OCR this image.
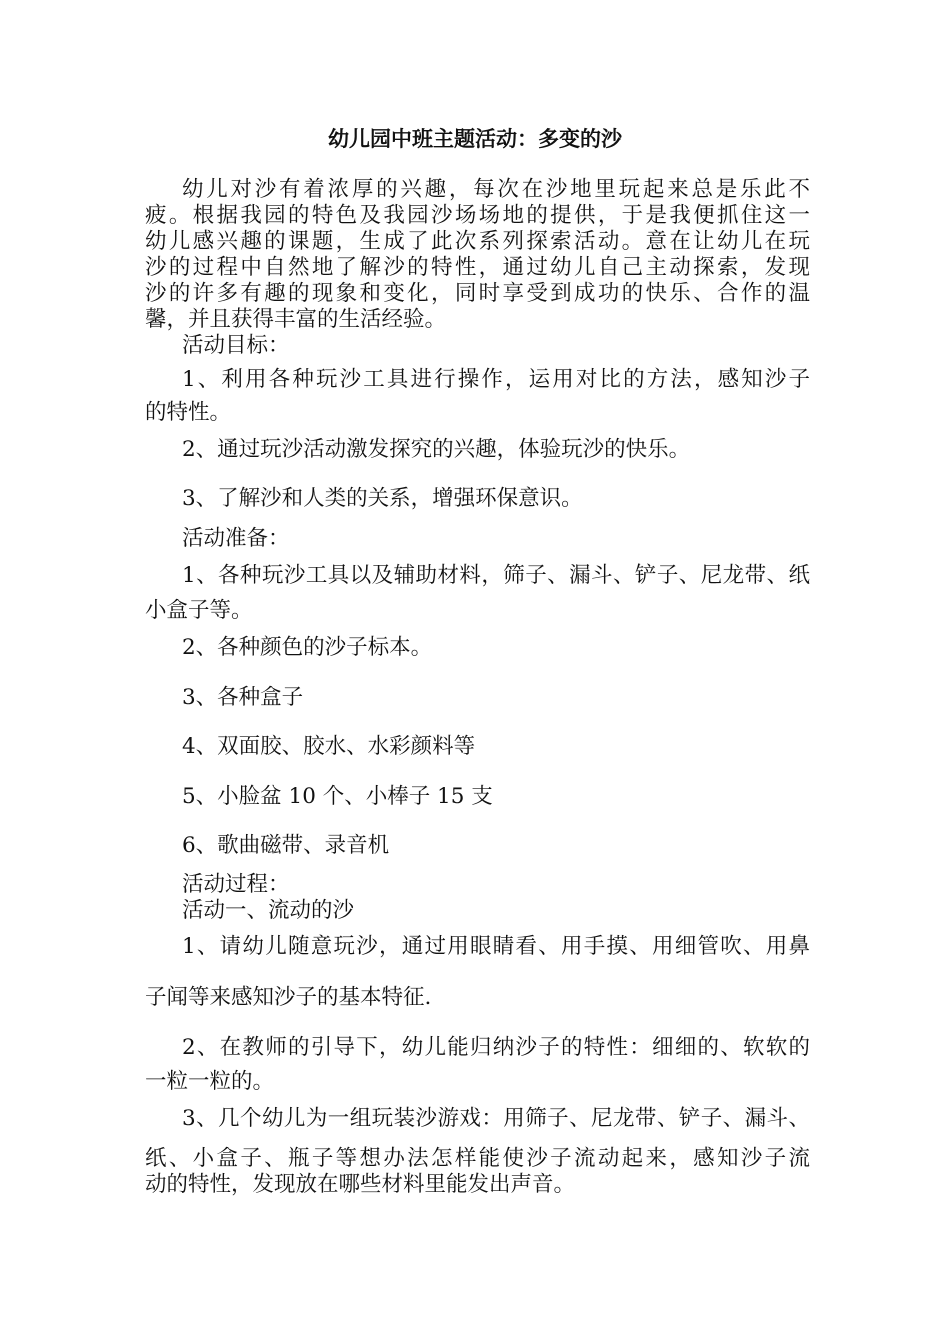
幼儿园中班主题活动：多变的沙
幼儿对沙有着浓厚的兴趣，每次在沙地里玩起来总是乐此不
疲。根据我园的特色及我园沙场场地的提供，于是我便抓住这一
幼儿感兴趣的课题，生成了此次系列探索活动。意在让幼儿在玩
沙的过程中自然地了解沙的特性，通过幼儿自己主动探索，发现
沙的许多有趣的现象和变化，同时享受到成功的快乐、合作的温
馨，并且获得丰富的生活经验。
活动目标：
1、利用各种玩沙工具进行操作，运用对比的方法，感知沙子
的特性。
2、通过玩沙活动激发探究的兴趣，体验玩沙的快乐。
3、了解沙和人类的关系，增强环保意识。
活动准备：
1、各种玩沙工具以及辅助材料，筛子、漏斗、铲子、尼龙带、纸
小盒子等。
2、各种颜色的沙子标本。
3、各种盒子
4、双面胶、胶水、水彩颜料等
5、小脸盆 10 个、小棒子 15 支
6、歌曲磁带、录音机
活动过程：
活动一、流动的沙
1、请幼儿随意玩沙，通过用眼睛看、用手摸、用细管吹、用鼻
子闻等来感知沙子的基本特征.
2、在教师的引导下，幼儿能归纳沙子的特性：细细的、软软的
一粒一粒的。
3、几个幼儿为一组玩装沙游戏：用筛子、尼龙带、铲子、漏斗、
纸、小盒子、瓶子等想办法怎样能使沙子流动起来，感知沙子流
动的特性，发现放在哪些材料里能发出声音。
